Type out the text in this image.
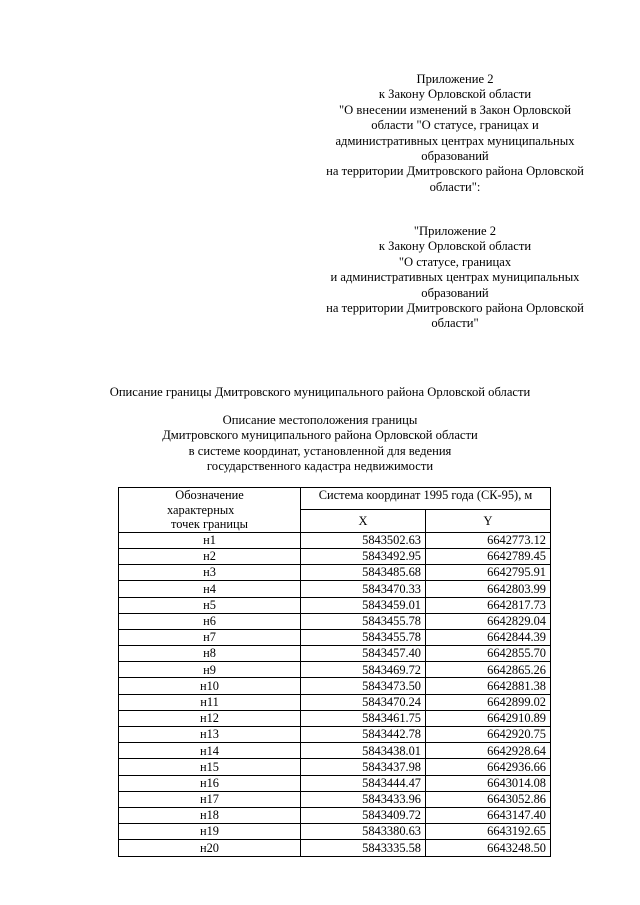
Приложение 2
к Закону Орловской области
"О внесении изменений в Закон Орловской
области "О статусе, границах и
административных центрах муниципальных
образований
на территории Дмитровского района Орловской
области":
"Приложение 2
к Закону Орловской области
"О статусе, границах
и административных центрах муниципальных
образований
на территории Дмитровского района Орловской
области"
Описание границы Дмитровского муниципального района Орловской области
Описание местоположения границы
Дмитровского муниципального района Орловской области
в системе координат, установленной для ведения
государственного кадастра недвижимости
Обозначение
характерных
точек границы	Система координат 1995 года (СК-95), м	
	X	Y
н1	5843502.63	6642773.12
н2	5843492.95	6642789.45
н3	5843485.68	6642795.91
н4	5843470.33	6642803.99
н5	5843459.01	6642817.73
н6	5843455.78	6642829.04
н7	5843455.78	6642844.39
н8	5843457.40	6642855.70
н9	5843469.72	6642865.26
н10	5843473.50	6642881.38
н11	5843470.24	6642899.02
н12	5843461.75	6642910.89
н13	5843442.78	6642920.75
н14	5843438.01	6642928.64
н15	5843437.98	6642936.66
н16	5843444.47	6643014.08
н17	5843433.96	6643052.86
н18	5843409.72	6643147.40
н19	5843380.63	6643192.65
н20	5843335.58	6643248.50
